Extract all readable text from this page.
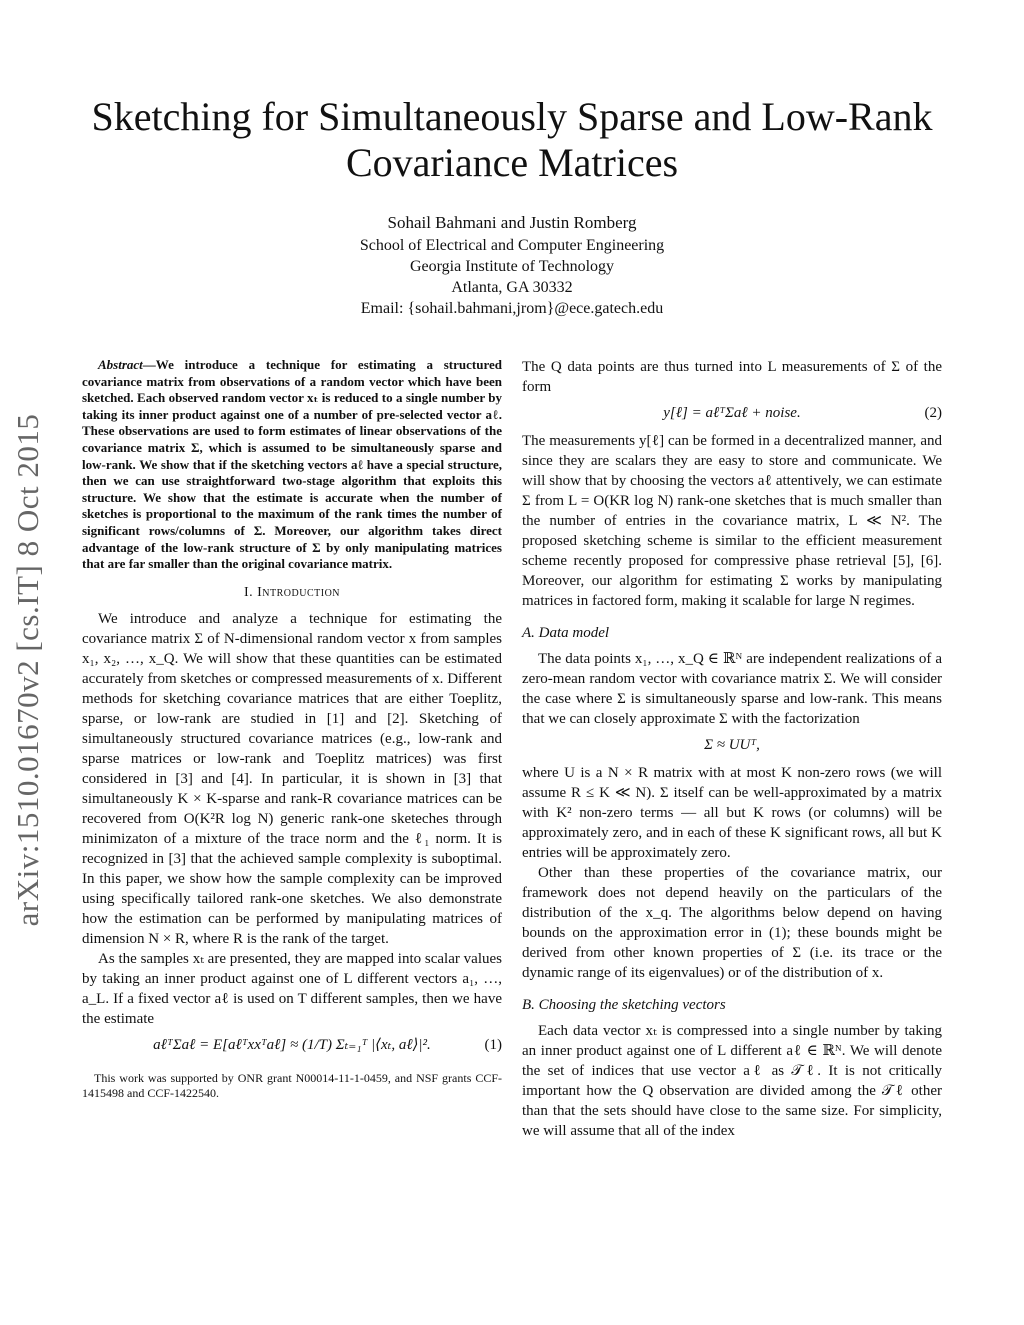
Sketching for Simultaneously Sparse and Low-Rank
Covariance Matrices
Sohail Bahmani and Justin Romberg
School of Electrical and Computer Engineering
Georgia Institute of Technology
Atlanta, GA 30332
Email: {sohail.bahmani,jrom}@ece.gatech.edu
arXiv:1510.01670v2 [cs.IT] 8 Oct 2015
Abstract—We introduce a technique for estimating a structured covariance matrix from observations of a random vector which have been sketched. Each observed random vector xₜ is reduced to a single number by taking its inner product against one of a number of pre-selected vector aℓ. These observations are used to form estimates of linear observations of the covariance matrix Σ, which is assumed to be simultaneously sparse and low-rank. We show that if the sketching vectors aℓ have a special structure, then we can use straightforward two-stage algorithm that exploits this structure. We show that the estimate is accurate when the number of sketches is proportional to the maximum of the rank times the number of significant rows/columns of Σ. Moreover, our algorithm takes direct advantage of the low-rank structure of Σ by only manipulating matrices that are far smaller than the original covariance matrix.
I. Introduction

We introduce and analyze a technique for estimating the covariance matrix Σ of N-dimensional random vector x from samples x₁, x₂, …, x_Q. We will show that these quantities can be estimated accurately from sketches or compressed measurements of x. Different methods for sketching covariance matrices that are either Toeplitz, sparse, or low-rank are studied in [1] and [2]. Sketching of simultaneously structured covariance matrices (e.g., low-rank and sparse matrices or low-rank and Toeplitz matrices) was first considered in [3] and [4]. In particular, it is shown in [3] that simultaneously K × K-sparse and rank-R covariance matrices can be recovered from O(K²R log N) generic rank-one sketeches through minimizaton of a mixture of the trace norm and the ℓ₁ norm. It is recognized in [3] that the achieved sample complexity is suboptimal. In this paper, we show how the sample complexity can be improved using specifically tailored rank-one sketches. We also demonstrate how the estimation can be performed by manipulating matrices of dimension N × R, where R is the rank of the target.

As the samples xₜ are presented, they are mapped into scalar values by taking an inner product against one of L different vectors a₁, …, a_L. If a fixed vector aℓ is used on T different samples, then we have the estimate

aℓᵀΣaℓ = E[aℓᵀxxᵀaℓ] ≈ (1/T) Σₜ₌₁ᵀ |⟨xₜ, aℓ⟩|².	(1)
This work was supported by ONR grant N00014-11-1-0459, and NSF grants CCF-1415498 and CCF-1422540.

The Q data points are thus turned into L measurements of Σ of the form

y[ℓ] = aℓᵀΣaℓ + noise.	(2)

The measurements y[ℓ] can be formed in a decentralized manner, and since they are scalars they are easy to store and communicate. We will show that by choosing the vectors aℓ attentively, we can estimate Σ from L = O(KR log N) rank-one sketches that is much smaller than the number of entries in the covariance matrix, L ≪ N². The proposed sketching scheme is similar to the efficient measurement scheme recently proposed for compressive phase retrieval [5], [6]. Moreover, our algorithm for estimating Σ works by manipulating matrices in factored form, making it scalable for large N regimes.

A. Data model

The data points x₁, …, x_Q ∈ ℝᴺ are independent realizations of a zero-mean random vector with covariance matrix Σ. We will consider the case where Σ is simultaneously sparse and low-rank. This means that we can closely approximate Σ with the factorization

Σ ≈ UUᵀ,

where U is a N × R matrix with at most K non-zero rows (we will assume R ≤ K ≪ N). Σ itself can be well-approximated by a matrix with K² non-zero terms — all but K rows (or columns) will be approximately zero, and in each of these K significant rows, all but K entries will be approximately zero.

Other than these properties of the covariance matrix, our framework does not depend heavily on the particulars of the distribution of the x_q. The algorithms below depend on having bounds on the approximation error in (1); these bounds might be derived from other known properties of Σ (i.e. its trace or the dynamic range of its eigenvalues) or of the distribution of x.

B. Choosing the sketching vectors

Each data vector xₜ is compressed into a single number by taking an inner product against one of L different aℓ ∈ ℝᴺ. We will denote the set of indices that use vector aℓ as 𝒯ℓ. It is not critically important how the Q observation are divided among the 𝒯ℓ other than that the sets should have close to the same size. For simplicity, we will assume that all of the index
